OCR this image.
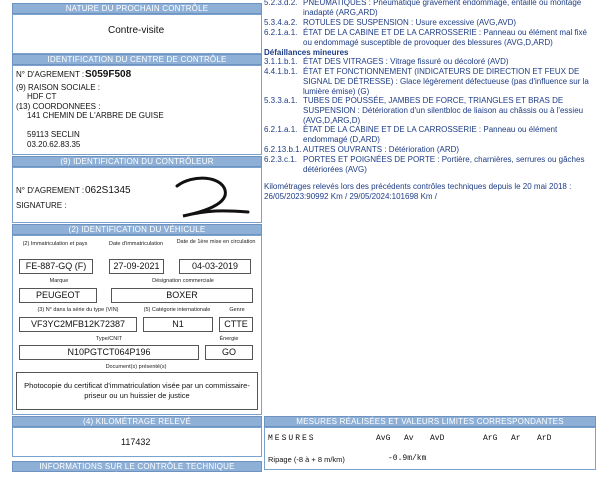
NATURE DU PROCHAIN CONTRÔLE
Contre-visite
IDENTIFICATION DU CENTRE DE CONTRÔLE
N° D'AGREMENT : S059F508
(9) RAISON SOCIALE :
HDF CT
(13) COORDONNEES :
141 CHEMIN DE L'ARBRE DE GUISE
59113 SECLIN
03.20.62.83.35
(9) IDENTIFICATION DU CONTRÔLEUR
N° D'AGREMENT : 062S1345
SIGNATURE :
(2) IDENTIFICATION DU VÉHICULE
(2) Immatriculation et pays	Date d'immatriculation	Date de 1ère mise en circulation
FE-887-GQ (F)	27-09-2021	04-03-2019
Marque	Désignation commerciale
PEUGEOT	BOXER
(3) N° dans la série du type (VIN)	(5) Catégorie internationale	Genre
VF3YC2MFB12K72387	N1	CTTE
Type/CNIT	Énergie
N10PGTCT064P196	GO
Document(s) présenté(s)
Photocopie du certificat d'immatriculation visée par un commissaire-priseur ou un huissier de justice
(4) KILOMÉTRAGE RELEVÉ
117432
INFORMATIONS SUR LE CONTRÔLE TECHNIQUE DÉFAVORABLE
5.2.3.d.2. PNEUMATIQUES : Pneumatique gravement endommagé, entaillé ou montage inadapté (ARG,ARD)
5.3.4.a.2. ROTULES DE SUSPENSION : Usure excessive (AVG,AVD)
6.2.1.a.1. ÉTAT DE LA CABINE ET DE LA CARROSSERIE : Panneau ou élément mal fixé ou endommagé susceptible de provoquer des blessures (AVG,D,ARD)
Défaillances mineures
3.1.1.b.1. ÉTAT DES VITRAGES : Vitrage fissuré ou décoloré (AVD)
4.4.1.b.1. ÉTAT ET FONCTIONNEMENT (INDICATEURS DE DIRECTION ET FEUX DE SIGNAL DE DÉTRESSE) : Glace légèrement défectueuse (pas d'influence sur la lumière émise) (G)
5.3.3.a.1. TUBES DE POUSSÉE, JAMBES DE FORCE, TRIANGLES ET BRAS DE SUSPENSION : Détérioration d'un silentbloc de liaison au châssis ou à l'essieu (AVG,D,ARG,D)
6.2.1.a.1. ÉTAT DE LA CABINE ET DE LA CARROSSERIE : Panneau ou élément endommagé (D,ARD)
6.2.13.b.1. AUTRES OUVRANTS : Détérioration (ARD)
6.2.3.c.1. PORTES ET POIGNÉES DE PORTE : Portière, charnières, serrures ou gâches détériorées (AVG)
Kilométrages relevés lors des précédents contrôles techniques depuis le 20 mai 2018 : 26/05/2023:90992 Km / 29/05/2024:101698 Km /
MESURES RÉALISÉES ET VALEURS LIMITES CORRESPONDANTES
MESURES	AvG Av AvD	ArG Ar ArD
Ripage (-8 à + 8 m/km)	-0.9m/km
